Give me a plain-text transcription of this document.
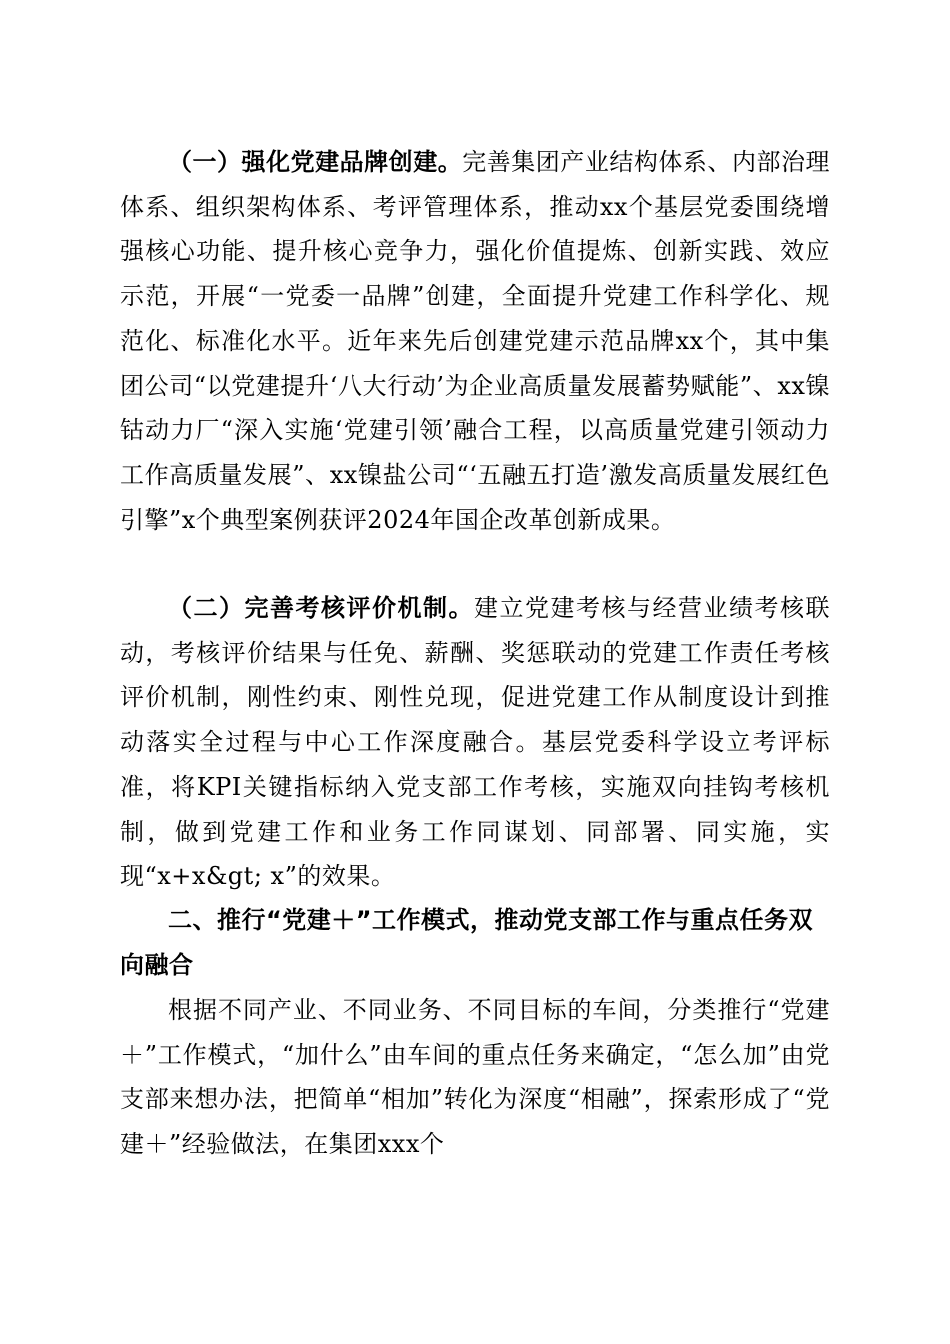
（一）强化党建品牌创建。完善集团产业结构体系、内部治理体系、组织架构体系、考评管理体系，推动xx个基层党委围绕增强核心功能、提升核心竞争力，强化价值提炼、创新实践、效应示范，开展“一党委一品牌”创建，全面提升党建工作科学化、规范化、标准化水平。近年来先后创建党建示范品牌xx个，其中集团公司“以党建提升‘八大行动’为企业高质量发展蓄势赋能”、xx镍钴动力厂“深入实施‘党建引领’融合工程，以高质量党建引领动力工作高质量发展”、xx镍盐公司“‘五融五打造’激发高质量发展红色引擎”x个典型案例获评2024年国企改革创新成果。

（二）完善考核评价机制。建立党建考核与经营业绩考核联动，考核评价结果与任免、薪酬、奖惩联动的党建工作责任考核评价机制，刚性约束、刚性兑现，促进党建工作从制度设计到推动落实全过程与中心工作深度融合。基层党委科学设立考评标准，将KPI关键指标纳入党支部工作考核，实施双向挂钩考核机制，做到党建工作和业务工作同谋划、同部署、同实施，实现“x+x&gt; x”的效果。

二、推行“党建＋”工作模式，推动党支部工作与重点任务双向融合

根据不同产业、不同业务、不同目标的车间，分类推行“党建＋”工作模式，“加什么”由车间的重点任务来确定，“怎么加”由党支部来想办法，把简单“相加”转化为深度“相融”，探索形成了“党建＋”经验做法，在集团xxx个
